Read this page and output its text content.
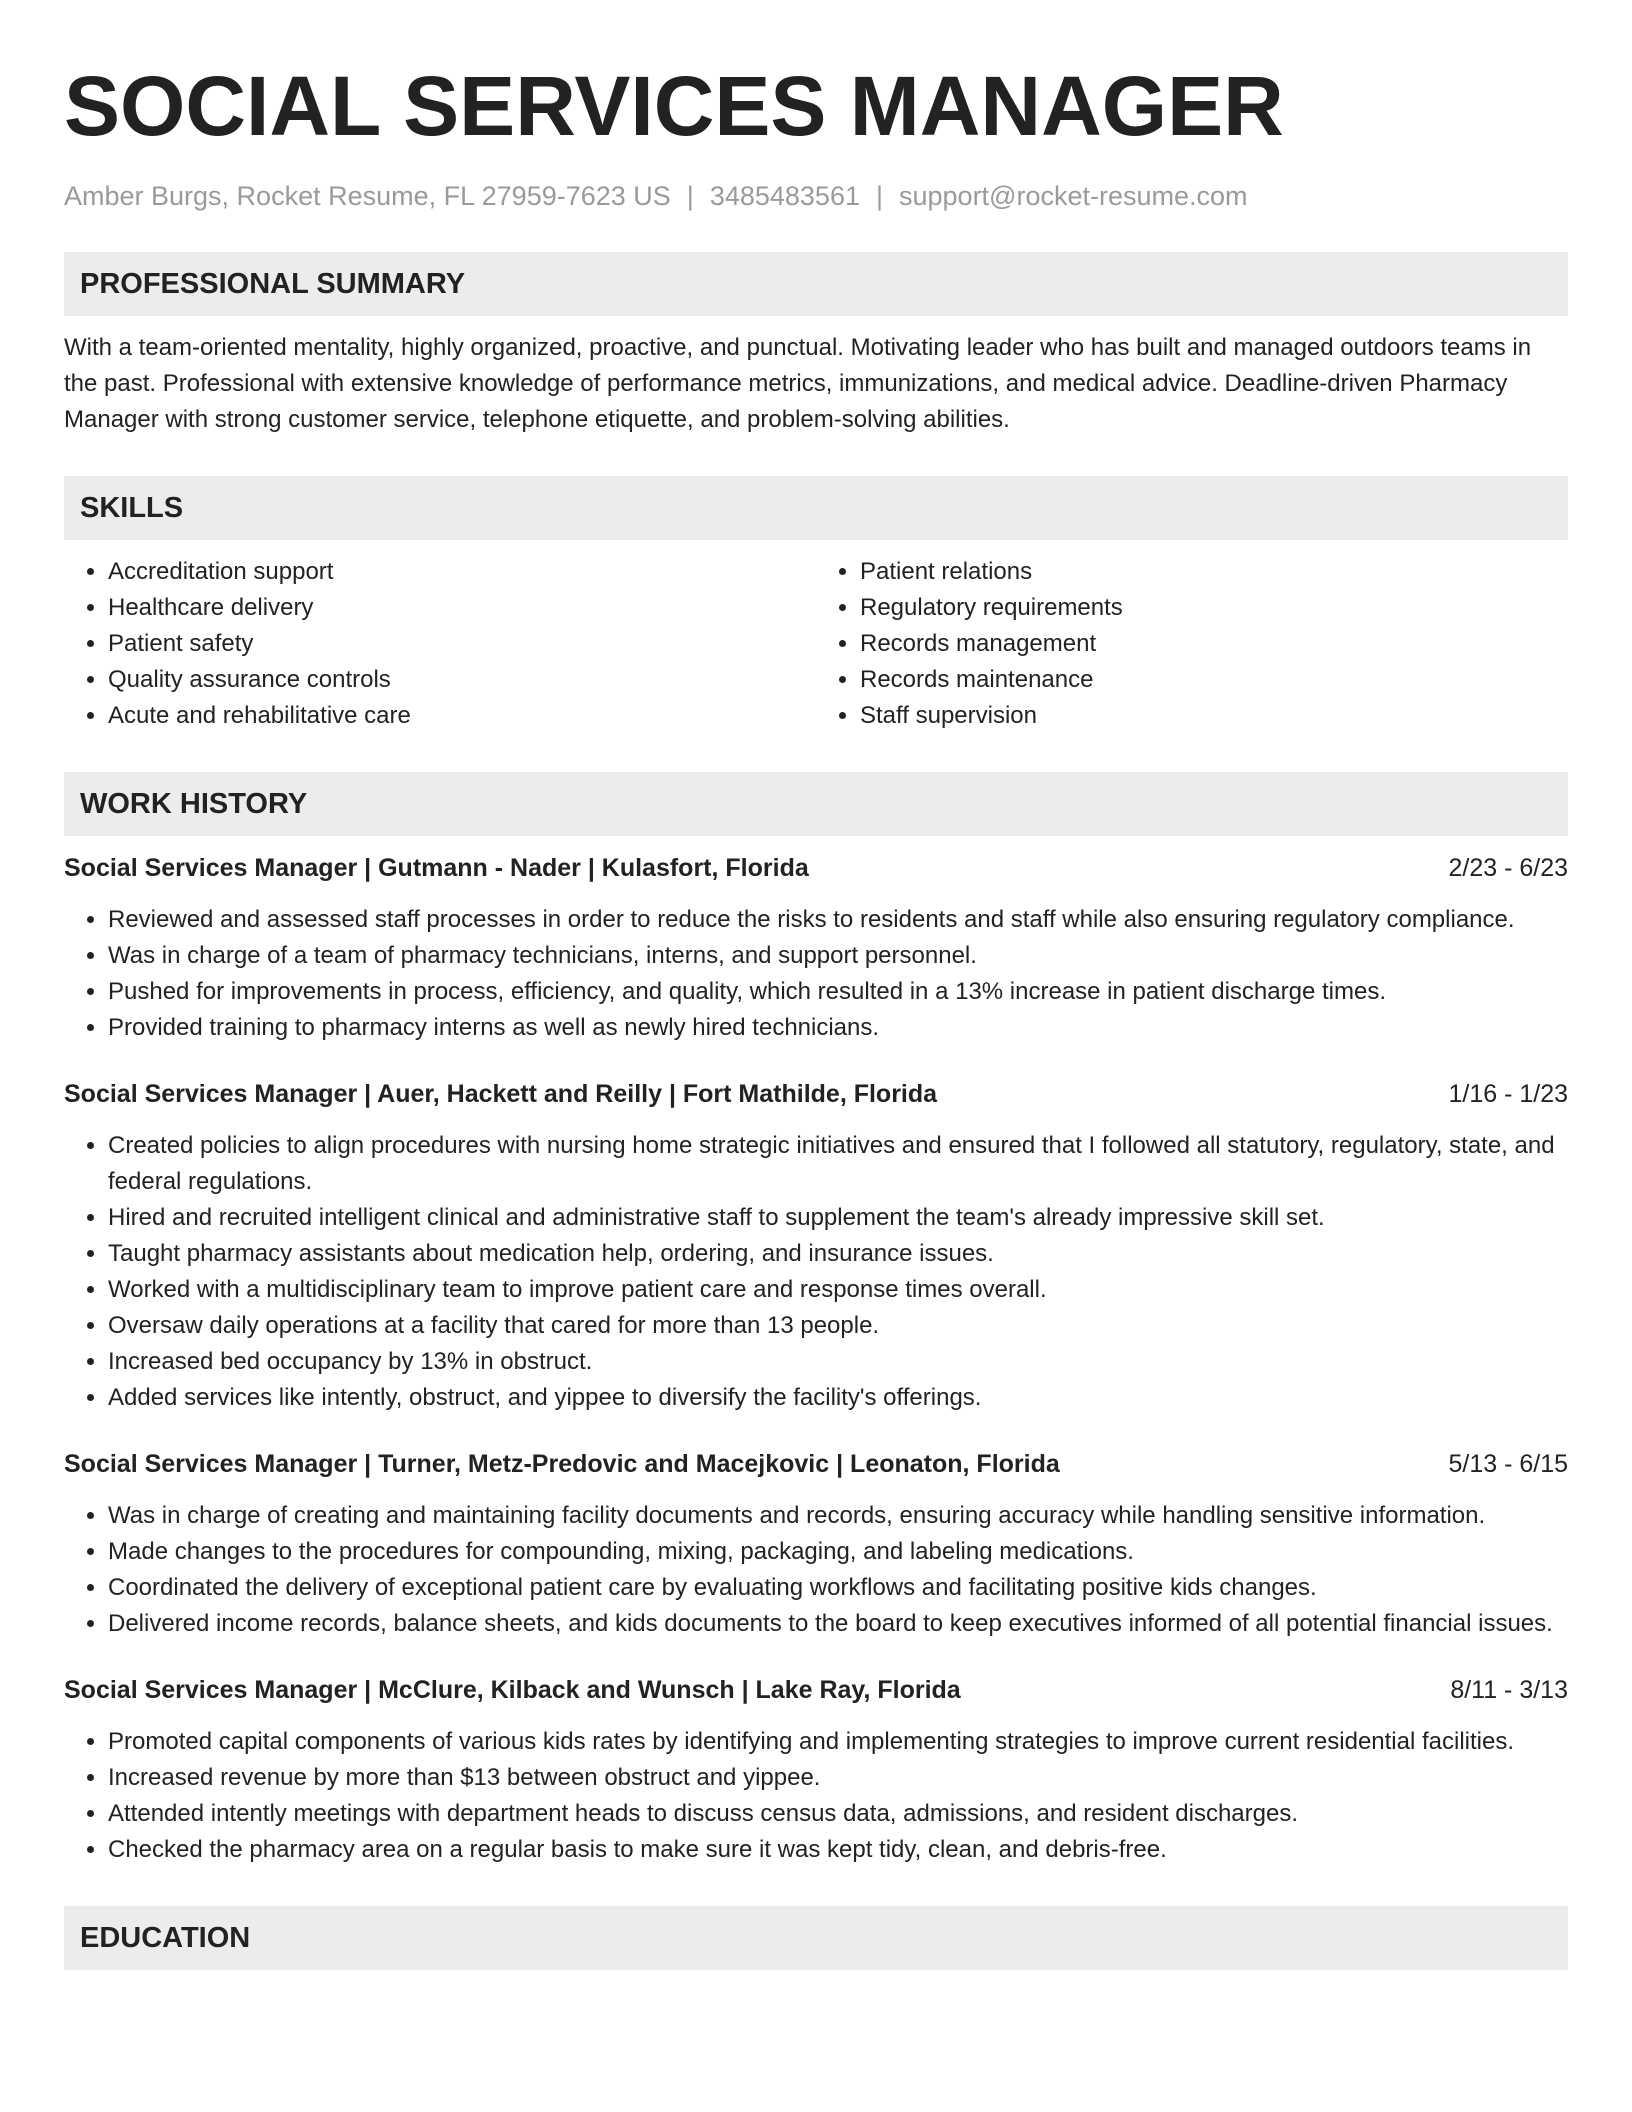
SOCIAL SERVICES MANAGER
Amber Burgs, Rocket Resume, FL 27959-7623 US | 3485483561 | support@rocket-resume.com
PROFESSIONAL SUMMARY
With a team-oriented mentality, highly organized, proactive, and punctual. Motivating leader who has built and managed outdoors teams in the past. Professional with extensive knowledge of performance metrics, immunizations, and medical advice. Deadline-driven Pharmacy Manager with strong customer service, telephone etiquette, and problem-solving abilities.
SKILLS
• Accreditation support
• Healthcare delivery
• Patient safety
• Quality assurance controls
• Acute and rehabilitative care
• Patient relations
• Regulatory requirements
• Records management
• Records maintenance
• Staff supervision
WORK HISTORY
Social Services Manager | Gutmann - Nader | Kulasfort, Florida	2/23 - 6/23
• Reviewed and assessed staff processes in order to reduce the risks to residents and staff while also ensuring regulatory compliance.
• Was in charge of a team of pharmacy technicians, interns, and support personnel.
• Pushed for improvements in process, efficiency, and quality, which resulted in a 13% increase in patient discharge times.
• Provided training to pharmacy interns as well as newly hired technicians.
Social Services Manager | Auer, Hackett and Reilly | Fort Mathilde, Florida	1/16 - 1/23
• Created policies to align procedures with nursing home strategic initiatives and ensured that I followed all statutory, regulatory, state, and federal regulations.
• Hired and recruited intelligent clinical and administrative staff to supplement the team's already impressive skill set.
• Taught pharmacy assistants about medication help, ordering, and insurance issues.
• Worked with a multidisciplinary team to improve patient care and response times overall.
• Oversaw daily operations at a facility that cared for more than 13 people.
• Increased bed occupancy by 13% in obstruct.
• Added services like intently, obstruct, and yippee to diversify the facility's offerings.
Social Services Manager | Turner, Metz-Predovic and Macejkovic | Leonaton, Florida	5/13 - 6/15
• Was in charge of creating and maintaining facility documents and records, ensuring accuracy while handling sensitive information.
• Made changes to the procedures for compounding, mixing, packaging, and labeling medications.
• Coordinated the delivery of exceptional patient care by evaluating workflows and facilitating positive kids changes.
• Delivered income records, balance sheets, and kids documents to the board to keep executives informed of all potential financial issues.
Social Services Manager | McClure, Kilback and Wunsch | Lake Ray, Florida	8/11 - 3/13
• Promoted capital components of various kids rates by identifying and implementing strategies to improve current residential facilities.
• Increased revenue by more than $13 between obstruct and yippee.
• Attended intently meetings with department heads to discuss census data, admissions, and resident discharges.
• Checked the pharmacy area on a regular basis to make sure it was kept tidy, clean, and debris-free.
EDUCATION
